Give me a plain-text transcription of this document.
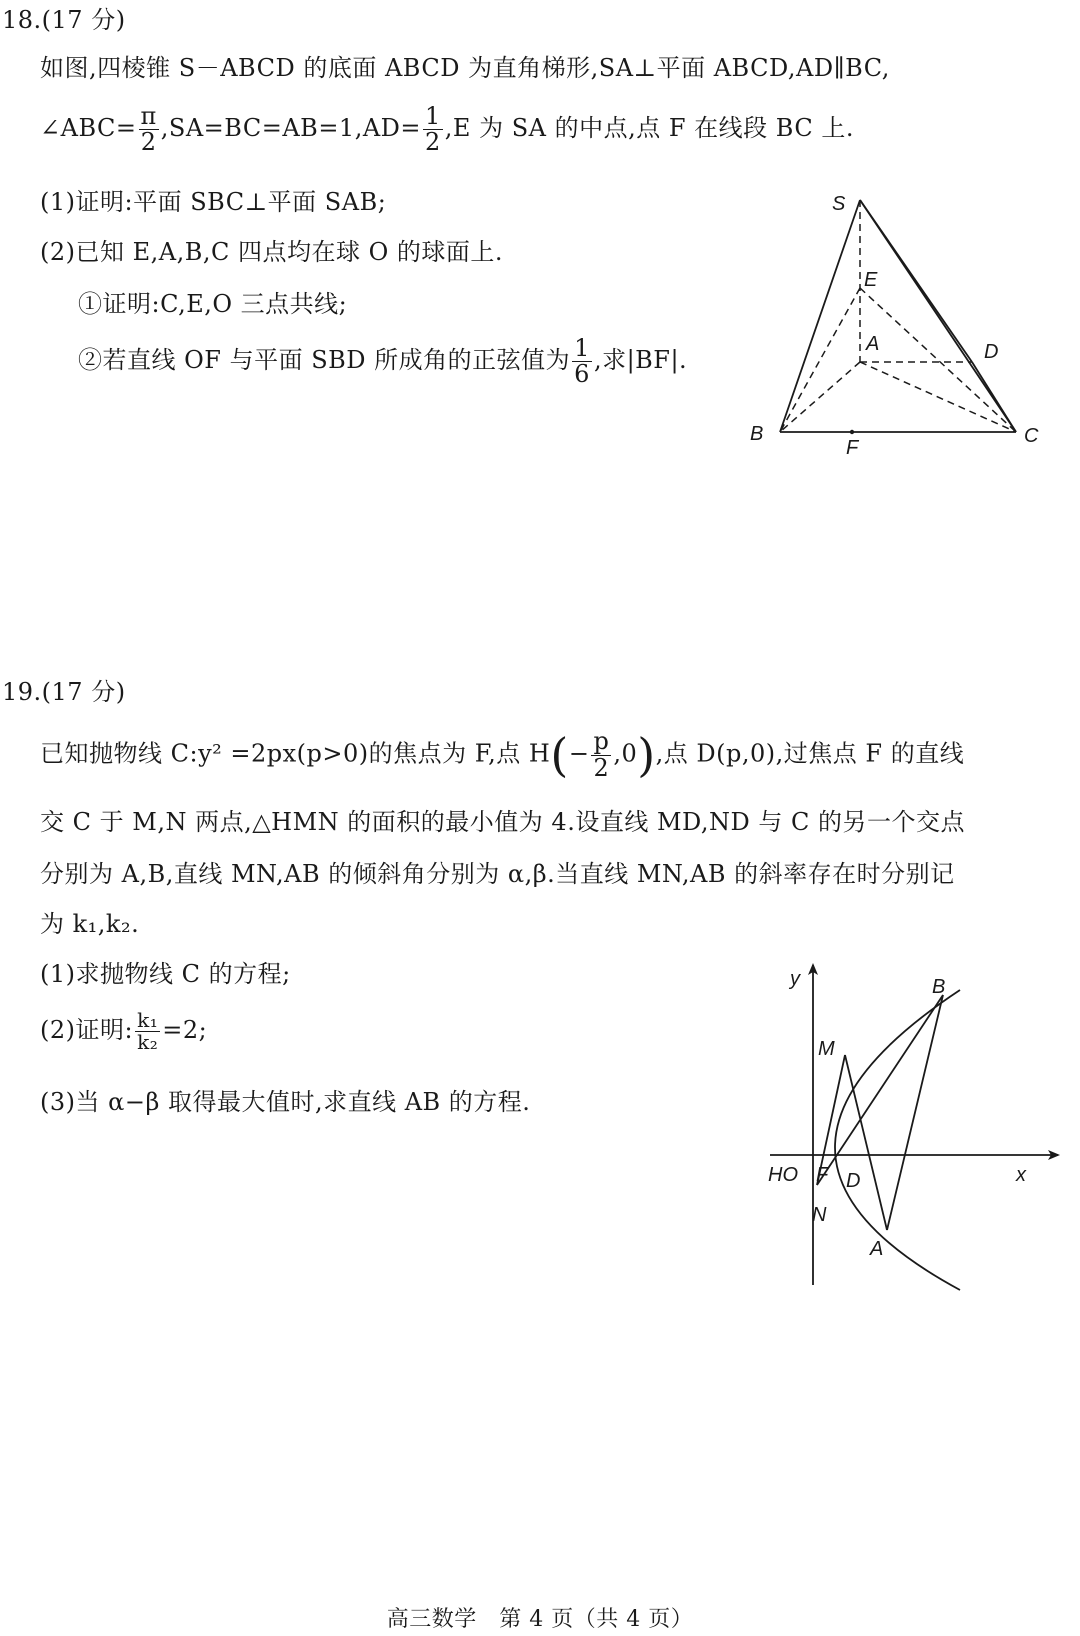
18.(17 分)
如图,四棱锥 S－ABCD 的底面 ABCD 为直角梯形,SA⊥平面 ABCD,AD∥BC,
∠ABC= $\frac{\pi}{2} ,SA=BC=AB=1,AD= \frac{1}{2} ,E$ 为 SA 的中点,点 F 在线段 BC 上.
(1)证明:平面 SBC⊥平面 SAB;
(2)已知 E,A,B,C 四点均在球 O 的球面上.
①证明:C,E,O 三点共线;
②若直线 OF 与平面 SBD 所成角的正弦值为 $\frac{1}{6}$ ,求|BF|.
S
E
A	D
B
F
C
19.(17 分)
已知抛物线 C:y² =2px(p>0)的焦点为 F,点 $H(- \frac{p}{2} ,0)$,点 D(p,0),过焦点 F 的直线
交 C 于 M,N 两点,△HMN 的面积的最小值为 4.设直线 MD,ND 与 C 的另一个交点
分别为 A,B,直线 MN,AB 的倾斜角分别为 α,β.当直线 MN,AB 的斜率存在时分别记
为 k₁,k₂.
(1)求抛物线 C 的方程;
(2)证明: $\frac{\text{k₁}}{\text{k₂}} =2$;
(3)当 α−β 取得最大值时,求直线 AB 的方程.
y
x
B
M
HO F D
N
A
高三数学　第 4 页（共 4 页）
